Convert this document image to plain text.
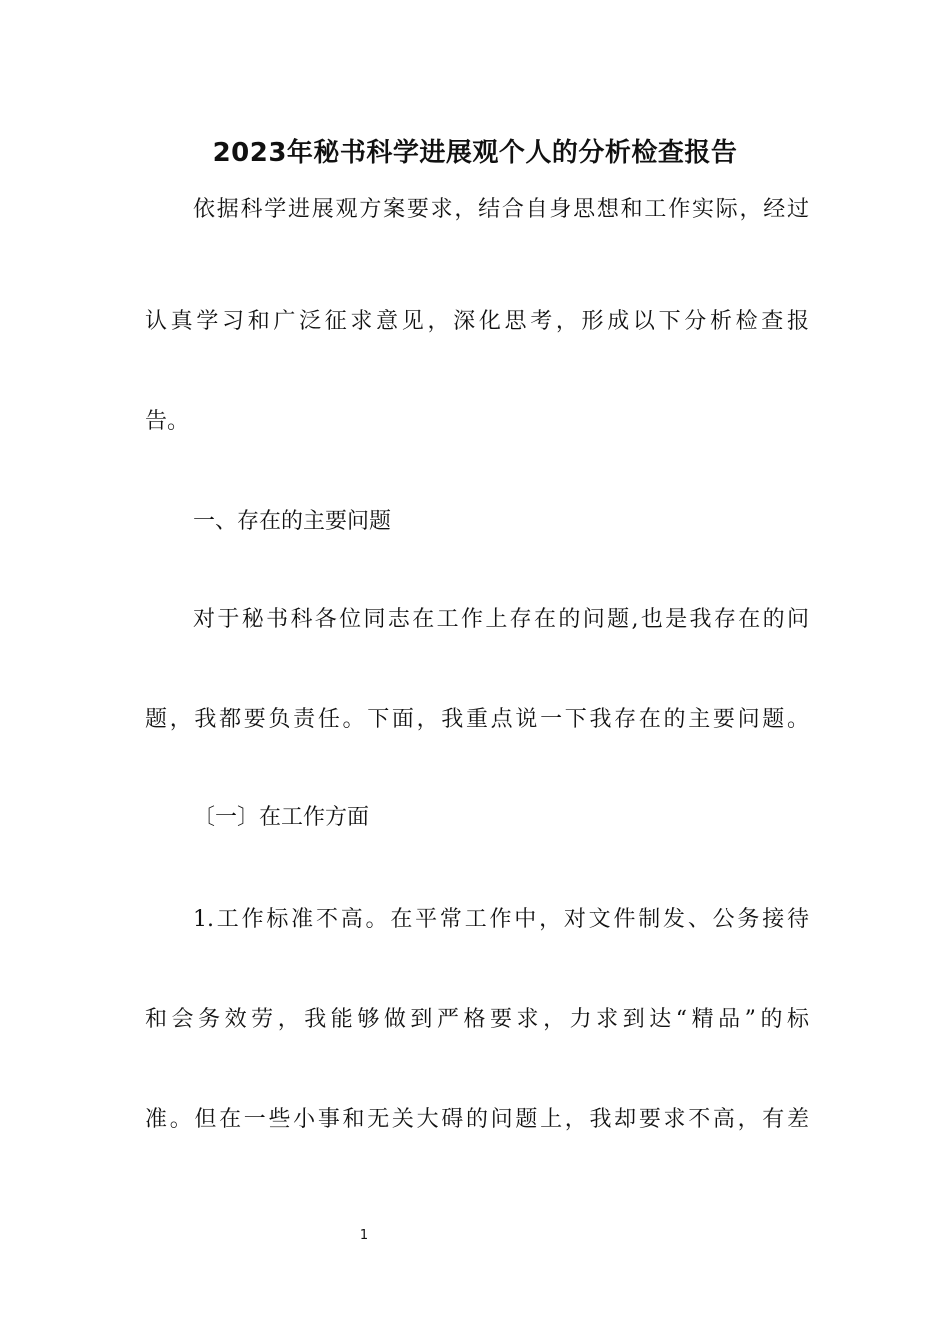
2023年秘书科学进展观个人的分析检查报告

依据科学进展观方案要求，结合自身思想和工作实际，经过

认真学习和广泛征求意见，深化思考，形成以下分析检查报

告。

一、存在的主要问题

对于秘书科各位同志在工作上存在的问题,也是我存在的问

题，我都要负责任。下面，我重点说一下我存在的主要问题。

〔一〕在工作方面

1.工作标准不高。在平常工作中，对文件制发、公务接待

和会务效劳，我能够做到严格要求，力求到达“精品”的标

准。但在一些小事和无关大碍的问题上，我却要求不高，有差

1
